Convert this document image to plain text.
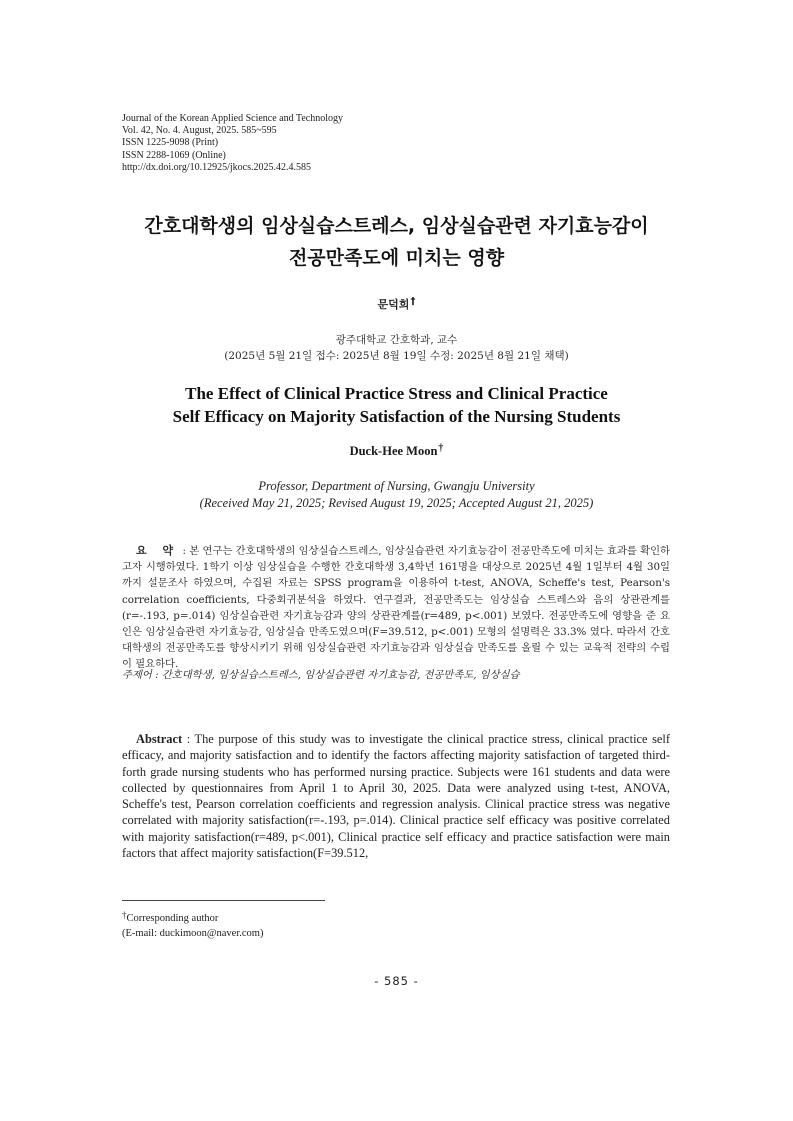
Journal of the Korean Applied Science and Technology
Vol. 42, No. 4. August, 2025. 585~595
ISSN 1225-9098 (Print)
ISSN 2288-1069 (Online)
http://dx.doi.org/10.12925/jkocs.2025.42.4.585
간호대학생의 임상실습스트레스, 임상실습관련 자기효능감이
전공만족도에 미치는 영향
문덕희†
광주대학교 간호학과, 교수
(2025년 5월 21일 접수: 2025년 8월 19일 수정: 2025년 8월 21일 채택)
The Effect of Clinical Practice Stress and Clinical Practice
Self Efficacy on Majority Satisfaction of the Nursing Students
Duck-Hee Moon†
Professor, Department of Nursing, Gwangju University
(Received May 21, 2025; Revised August 19, 2025; Accepted August 21, 2025)
요 약 : 본 연구는 간호대학생의 임상실습스트레스, 임상실습관련 자기효능감이 전공만족도에 미치는 효과를 확인하고자 시행하였다. 1학기 이상 임상실습을 수행한 간호대학생 3,4학년 161명을 대상으로 2025년 4월 1일부터 4월 30일까지 설문조사 하였으며, 수집된 자료는 SPSS program을 이용하여 t-test, ANOVA, Scheffe's test, Pearson's correlation coefficients, 다중회귀분석을 하였다. 연구결과, 전공만족도는 임상실습 스트레스와 음의 상관관계를(r=-.193, p=.014) 임상실습관련 자기효능감과 양의 상관관계를(r=489, p<.001) 보였다. 전공만족도에 영향을 준 요인은 임상실습관련 자기효능감, 임상실습 만족도였으며(F=39.512, p<.001) 모형의 설명력은 33.3% 였다. 따라서 간호대학생의 전공만족도를 향상시키기 위해 임상실습관련 자기효능감과 임상실습 만족도를 올릴 수 있는 교육적 전략의 수립이 필요하다.
주제어 : 간호대학생, 임상실습스트레스, 임상실습관련 자기효능감, 전공만족도, 임상실습
Abstract : The purpose of this study was to investigate the clinical practice stress, clinical practice self efficacy, and majority satisfaction and to identify the factors affecting majority satisfaction of targeted third-forth grade nursing students who has performed nursing practice. Subjects were 161 students and data were collected by questionnaires from April 1 to April 30, 2025. Data were analyzed using t-test, ANOVA, Scheffe's test, Pearson correlation coefficients and regression analysis. Clinical practice stress was negative correlated with majority satisfaction(r=-.193, p=.014). Clinical practice self efficacy was positive correlated with majority satisfaction(r=489, p<.001), Clinical practice self efficacy and practice satisfaction were main factors that affect majority satisfaction(F=39.512,
†Corresponding author
(E-mail: duckimoon@naver.com)
- 585 -
